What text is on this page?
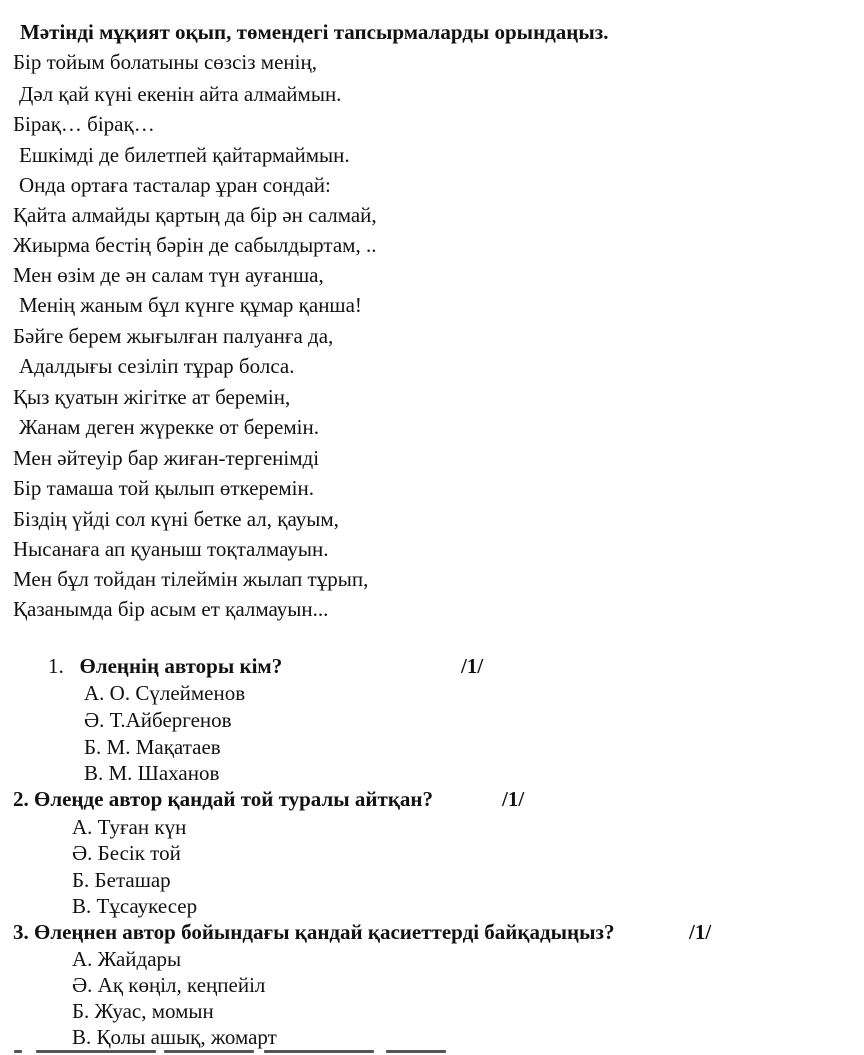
Мәтінді мұқият оқып, төмендегі тапсырмаларды орындаңыз.
Бір тойым болатыны сөзсіз менің,
Дәл қай күні екенін айта алмаймын.
Бірақ… бірақ…
Ешкімді де билетпей қайтармаймын.
Онда ортаға тасталар ұран сондай:
Қайта алмайды қартың да бір ән салмай,
Жиырма бестің бәрін де сабылдыртам, ..
Мен өзім де ән салам түн ауғанша,
Менің жаным бұл күнге құмар қанша!
Бәйге берем жығылған палуанға да,
Адалдығы сезіліп тұрар болса.
Қыз қуатын жігітке ат беремін,
Жанам деген жүрекке от беремін.
Мен әйтеуір бар жиған-тергенімді
Бір тамаша той қылып өткеремін.
Біздің үйді сол күні бетке ал, қауым,
Нысанаға ап қуаныш тоқталмауын.
Мен бұл тойдан тілеймін жылап тұрып,
Қазанымда бір асым ет қалмауын...
1. Өлеңнің авторы кім?	/1/
А. О. Сүлейменов
Ә. Т.Айбергенов
Б. М. Мақатаев
В. М. Шаханов
2. Өлеңде автор қандай той туралы айтқан?	/1/
А. Туған күн
Ә. Бесік той
Б. Беташар
В. Тұсаукесер
3. Өлеңнен автор бойындағы қандай қасиеттерді байқадыңыз?	/1/
А. Жайдары
Ә. Ақ көңіл, кеңпейіл
Б. Жуас, момын
В. Қолы ашық, жомарт
